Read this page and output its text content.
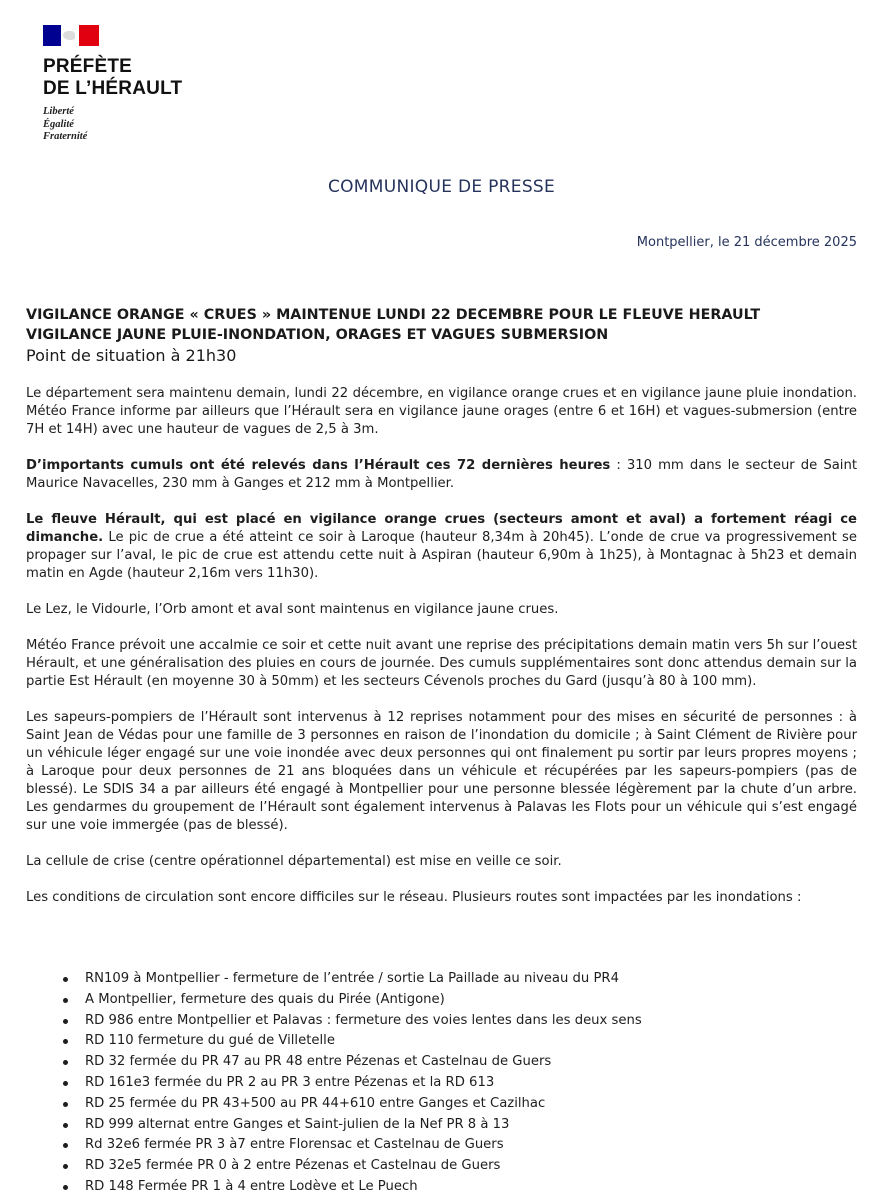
PRÉFÈTE
DE L’HÉRAULT
Liberté
Égalité
Fraternité
COMMUNIQUE DE PRESSE
Montpellier, le 21 décembre 2025
VIGILANCE ORANGE « CRUES » MAINTENUE LUNDI 22 DECEMBRE POUR LE FLEUVE HERAULT
VIGILANCE JAUNE PLUIE-INONDATION, ORAGES ET VAGUES SUBMERSION
Point de situation à 21h30

Le département sera maintenu demain, lundi 22 décembre, en vigilance orange crues et en vigilance jaune pluie inondation. Météo France informe par ailleurs que l’Hérault sera en vigilance jaune orages (entre 6 et 16H) et vagues-submersion (entre 7H et 14H) avec une hauteur de vagues de 2,5 à 3m.

D’importants cumuls ont été relevés dans l’Hérault ces 72 dernières heures : 310 mm dans le secteur de Saint Maurice Navacelles, 230 mm à Ganges et 212 mm à Montpellier.

Le fleuve Hérault, qui est placé en vigilance orange crues (secteurs amont et aval) a fortement réagi ce dimanche. Le pic de crue a été atteint ce soir à Laroque (hauteur 8,34m à 20h45). L’onde de crue va progressivement se propager sur l’aval, le pic de crue est attendu cette nuit à Aspiran (hauteur 6,90m à 1h25), à Montagnac à 5h23 et demain matin en Agde (hauteur 2,16m vers 11h30).

Le Lez, le Vidourle, l’Orb amont et aval sont maintenus en vigilance jaune crues.

Météo France prévoit une accalmie ce soir et cette nuit avant une reprise des précipitations demain matin vers 5h sur l’ouest Hérault, et une généralisation des pluies en cours de journée. Des cumuls supplémentaires sont donc attendus demain sur la partie Est Hérault (en moyenne 30 à 50mm) et les secteurs Cévenols proches du Gard (jusqu’à 80 à 100 mm).

Les sapeurs-pompiers de l’Hérault sont intervenus à 12 reprises notamment pour des mises en sécurité de personnes : à Saint Jean de Védas pour une famille de 3 personnes en raison de l’inondation du domicile ; à Saint Clément de Rivière pour un véhicule léger engagé sur une voie inondée avec deux personnes qui ont finalement pu sortir par leurs propres moyens ; à Laroque pour deux personnes de 21 ans bloquées dans un véhicule et récupérées par les sapeurs-pompiers (pas de blessé). Le SDIS 34 a par ailleurs été engagé à Montpellier pour une personne blessée légèrement par la chute d’un arbre. Les gendarmes du groupement de l’Hérault sont également intervenus à Palavas les Flots pour un véhicule qui s’est engagé sur une voie immergée (pas de blessé).

La cellule de crise (centre opérationnel départemental) est mise en veille ce soir.

Les conditions de circulation sont encore difficiles sur le réseau. Plusieurs routes sont impactées par les inondations :

RN109 à Montpellier - fermeture de l’entrée / sortie La Paillade au niveau du PR4
A Montpellier, fermeture des quais du Pirée (Antigone)
RD 986 entre Montpellier et Palavas : fermeture des voies lentes dans les deux sens
RD 110 fermeture du gué de Villetelle
RD 32 fermée du PR 47 au PR 48 entre Pézenas et Castelnau de Guers
RD 161e3 fermée du PR 2 au PR 3 entre Pézenas et la RD 613
RD 25 fermée du PR 43+500 au PR 44+610 entre Ganges et Cazilhac
RD 999 alternat entre Ganges et Saint-julien de la Nef PR 8 à 13
Rd 32e6 fermée PR 3 à7 entre Florensac et Castelnau de Guers
RD 32e5 fermée PR 0 à 2 entre Pézenas et Castelnau de Guers
RD 148 Fermée PR 1 à 4 entre Lodève et Le Puech
